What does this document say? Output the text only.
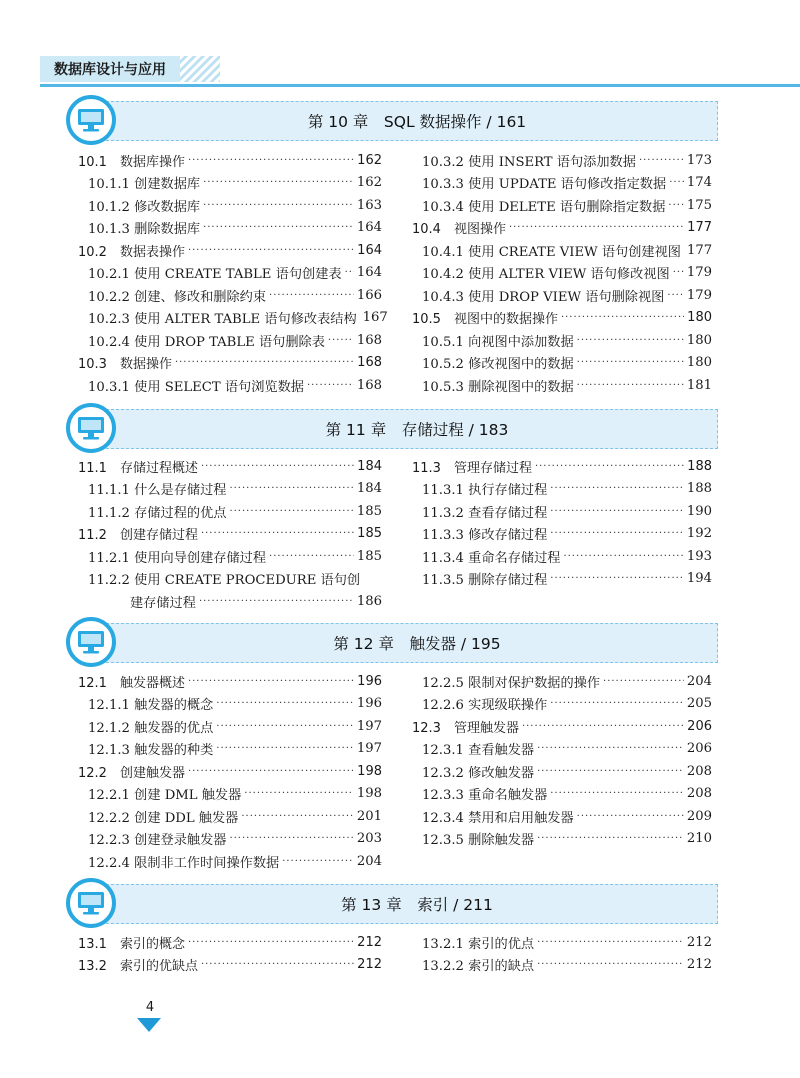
数据库设计与应用
第 10 章　SQL 数据操作 / 161
10.1　数据库操作 ·····	162
10.1.1 创建数据库 ·····	162
10.1.2 修改数据库 ·····	163
10.1.3 删除数据库 ·····	164
10.2　数据表操作 ·····	164
10.2.1 使用 CREATE TABLE 语句创建表 ····· 164
10.2.2 创建、修改和删除约束 ·····	166
10.2.3 使用 ALTER TABLE 语句修改表结构 167
10.2.4 使用 DROP TABLE 语句删除表 ····· 168
10.3　数据操作 ·····	168
10.3.1 使用 SELECT 语句浏览数据 ·····	168
10.3.2 使用 INSERT 语句添加数据 ·····	173
10.3.3 使用 UPDATE 语句修改指定数据 ····· 174
10.3.4 使用 DELETE 语句删除指定数据 ····· 175
10.4　视图操作 ·····	177
10.4.1 使用 CREATE VIEW 语句创建视图 177
10.4.2 使用 ALTER VIEW 语句修改视图 ····· 179
10.4.3 使用 DROP VIEW 语句删除视图 ····· 179
10.5　视图中的数据操作 ·····	180
10.5.1 向视图中添加数据 ·····	180
10.5.2 修改视图中的数据 ·····	180
10.5.3 删除视图中的数据 ·····	181
第 11 章　存储过程 / 183
11.1　存储过程概述 ·····	184
11.1.1 什么是存储过程 ·····	184
11.1.2 存储过程的优点 ·····	185
11.2　创建存储过程 ·····	185
11.2.1 使用向导创建存储过程 ·····	185
11.2.2 使用 CREATE PROCEDURE 语句创
建存储过程 ·····	186
11.3　管理存储过程 ·····	188
11.3.1 执行存储过程 ·····	188
11.3.2 查看存储过程 ·····	190
11.3.3 修改存储过程 ·····	192
11.3.4 重命名存储过程 ·····	193
11.3.5 删除存储过程 ·····	194
第 12 章　触发器 / 195
12.1　触发器概述 ·····	196
12.1.1 触发器的概念 ·····	196
12.1.2 触发器的优点 ·····	197
12.1.3 触发器的种类 ·····	197
12.2　创建触发器 ·····	198
12.2.1 创建 DML 触发器 ·····	198
12.2.2 创建 DDL 触发器 ·····	201
12.2.3 创建登录触发器 ·····	203
12.2.4 限制非工作时间操作数据 ·····	204
12.2.5 限制对保护数据的操作 ·····	204
12.2.6 实现级联操作 ·····	205
12.3　管理触发器 ·····	206
12.3.1 查看触发器 ·····	206
12.3.2 修改触发器 ·····	208
12.3.3 重命名触发器 ·····	208
12.3.4 禁用和启用触发器 ·····	209
12.3.5 删除触发器 ·····	210
第 13 章　索引 / 211
13.1　索引的概念 ·····	212
13.2　索引的优缺点 ·····	212
13.2.1 索引的优点 ·····	212
13.2.2 索引的缺点 ·····	212
4
